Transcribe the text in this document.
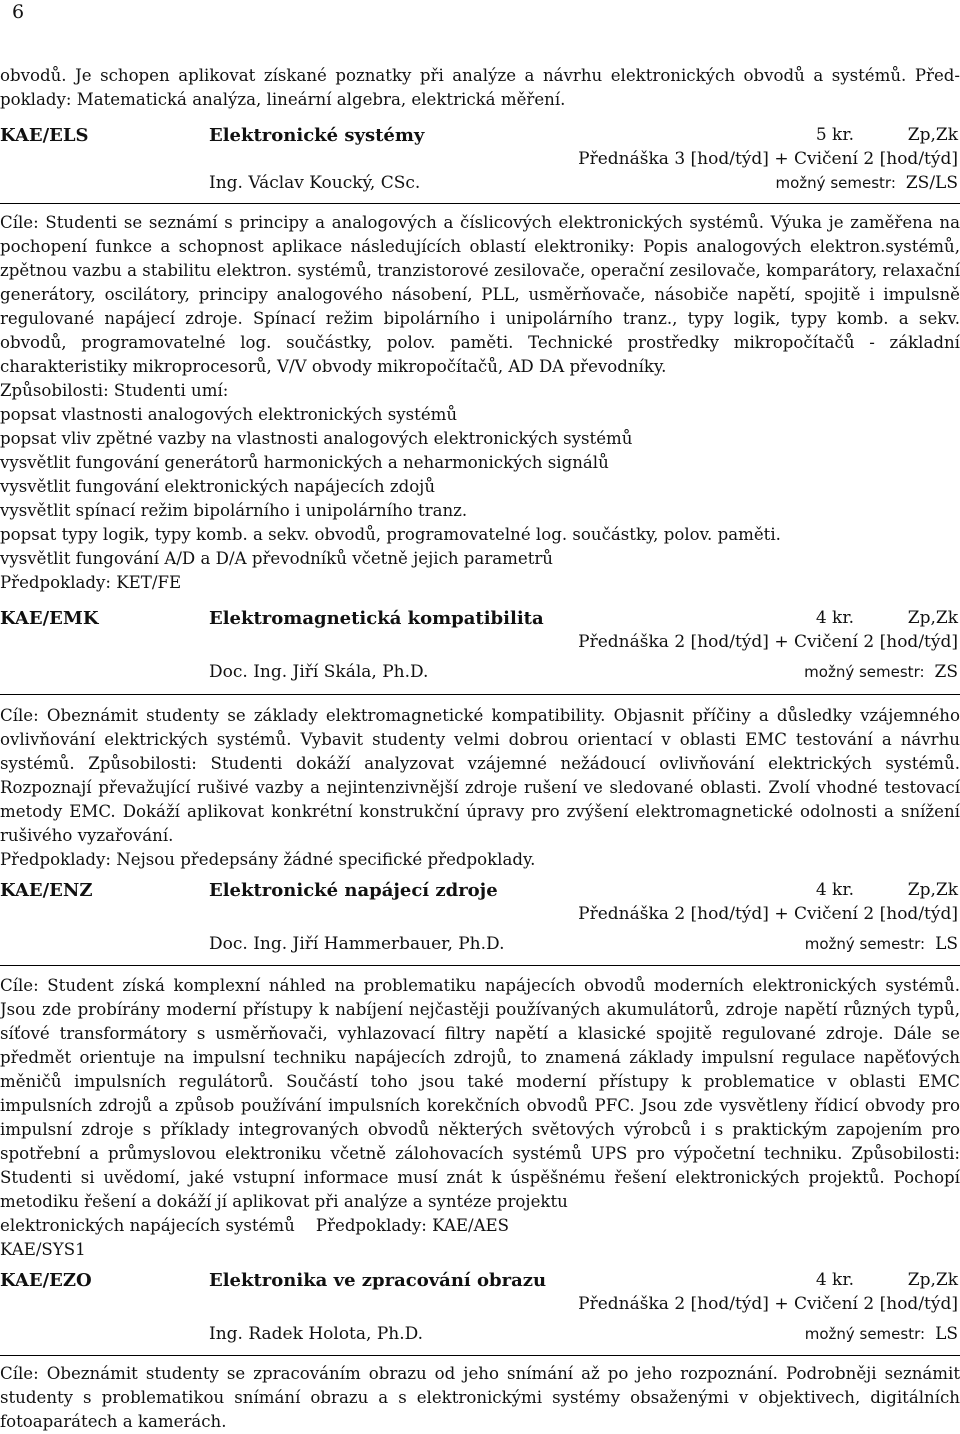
6
obvodů. Je schopen aplikovat získané poznatky při analýze a návrhu elektronických obvodů a systémů. Před-
poklady: Matematická analýza, lineární algebra, elektrická měření.
KAE/ELS	Elektronické systémy	5 kr.	Zp,Zk
Přednáška 3 [hod/týd] + Cvičení 2 [hod/týd]
Ing. Václav Koucký, CSc.	možný semestr: ZS/LS
Cíle: Studenti se seznámí s principy a analogových a číslicových elektronických systémů. Výuka je zaměřena na pochopení funkce a schopnost aplikace následujících oblastí elektroniky: Popis analogových elektron.systémů, zpětnou vazbu a stabilitu elektron. systémů, tranzistorové zesilovače, operační zesilovače, komparátory, relaxační generátory, oscilátory, principy analogového násobení, PLL, usměrňovače, násobiče napětí, spojitě i impulsně regulované napájecí zdroje. Spínací režim bipolárního i unipolárního tranz., typy logik, typy komb. a sekv. obvodů, programovatelné log. součástky, polov. paměti. Technické prostředky mikropočítačů - základní charakteristiky mikroprocesorů, V/V obvody mikropočítačů, AD DA převodníky.
Způsobilosti: Studenti umí:
popsat vlastnosti analogových elektronických systémů
popsat vliv zpětné vazby na vlastnosti analogových elektronických systémů
vysvětlit fungování generátorů harmonických a neharmonických signálů
vysvětlit fungování elektronických napájecích zdojů
vysvětlit spínací režim bipolárního i unipolárního tranz.
popsat typy logik, typy komb. a sekv. obvodů, programovatelné log. součástky, polov. paměti.
vysvětlit fungování A/D a D/A převodníků včetně jejich parametrů
Předpoklady: KET/FE
KAE/EMK	Elektromagnetická kompatibilita	4 kr.	Zp,Zk
Přednáška 2 [hod/týd] + Cvičení 2 [hod/týd]
Doc. Ing. Jiří Skála, Ph.D.	možný semestr: ZS
Cíle: Obeznámit studenty se základy elektromagnetické kompatibility. Objasnit příčiny a důsledky vzájemného ovlivňování elektrických systémů. Vybavit studenty velmi dobrou orientací v oblasti EMC testování a návrhu systémů. Způsobilosti: Studenti dokáží analyzovat vzájemné nežádoucí ovlivňování elektrických systémů. Rozpoznají převažující rušivé vazby a nejintenzivnější zdroje rušení ve sledované oblasti. Zvolí vhodné testovací metody EMC. Dokáží aplikovat konkrétní konstrukční úpravy pro zvýšení elektromagnetické odolnosti a snížení rušivého vyzařování.
Předpoklady: Nejsou předepsány žádné specifické předpoklady.
KAE/ENZ	Elektronické napájecí zdroje	4 kr.	Zp,Zk
Přednáška 2 [hod/týd] + Cvičení 2 [hod/týd]
Doc. Ing. Jiří Hammerbauer, Ph.D.	možný semestr: LS
Cíle: Student získá komplexní náhled na problematiku napájecích obvodů moderních elektronických systémů. Jsou zde probírány moderní přístupy k nabíjení nejčastěji používaných akumulátorů, zdroje napětí různých typů, síťové transformátory s usměrňovači, vyhlazovací filtry napětí a klasické spojitě regulované zdroje. Dále se předmět orientuje na impulsní techniku napájecích zdrojů, to znamená základy impulsní regulace napěťových měničů impulsních regulátorů. Součástí toho jsou také moderní přístupy k problematice v oblasti EMC impulsních zdrojů a způsob používání impulsních korekčních obvodů PFC. Jsou zde vysvětleny řídicí obvody pro impulsní zdroje s příklady integrovaných obvodů některých světových výrobců i s praktickým zapojením pro spotřební a průmyslovou elektroniku včetně zálohovacích systémů UPS pro výpočetní techniku. Způsobilosti: Studenti si uvědomí, jaké vstupní informace musí znát k úspěšnému řešení elektronických projektů. Pochopí metodiku řešení a dokáží jí aplikovat při analýze a syntéze projektu
elektronických napájecích systémů    Předpoklady: KAE/AES
KAE/SYS1
KAE/EZO	Elektronika ve zpracování obrazu	4 kr.	Zp,Zk
Přednáška 2 [hod/týd] + Cvičení 2 [hod/týd]
Ing. Radek Holota, Ph.D.	možný semestr: LS
Cíle: Obeznámit studenty se zpracováním obrazu od jeho snímání až po jeho rozpoznání. Podrobněji seznámit studenty s problematikou snímání obrazu a s elektronickými systémy obsaženými v objektivech, digitálních fotoaparátech a kamerách.
